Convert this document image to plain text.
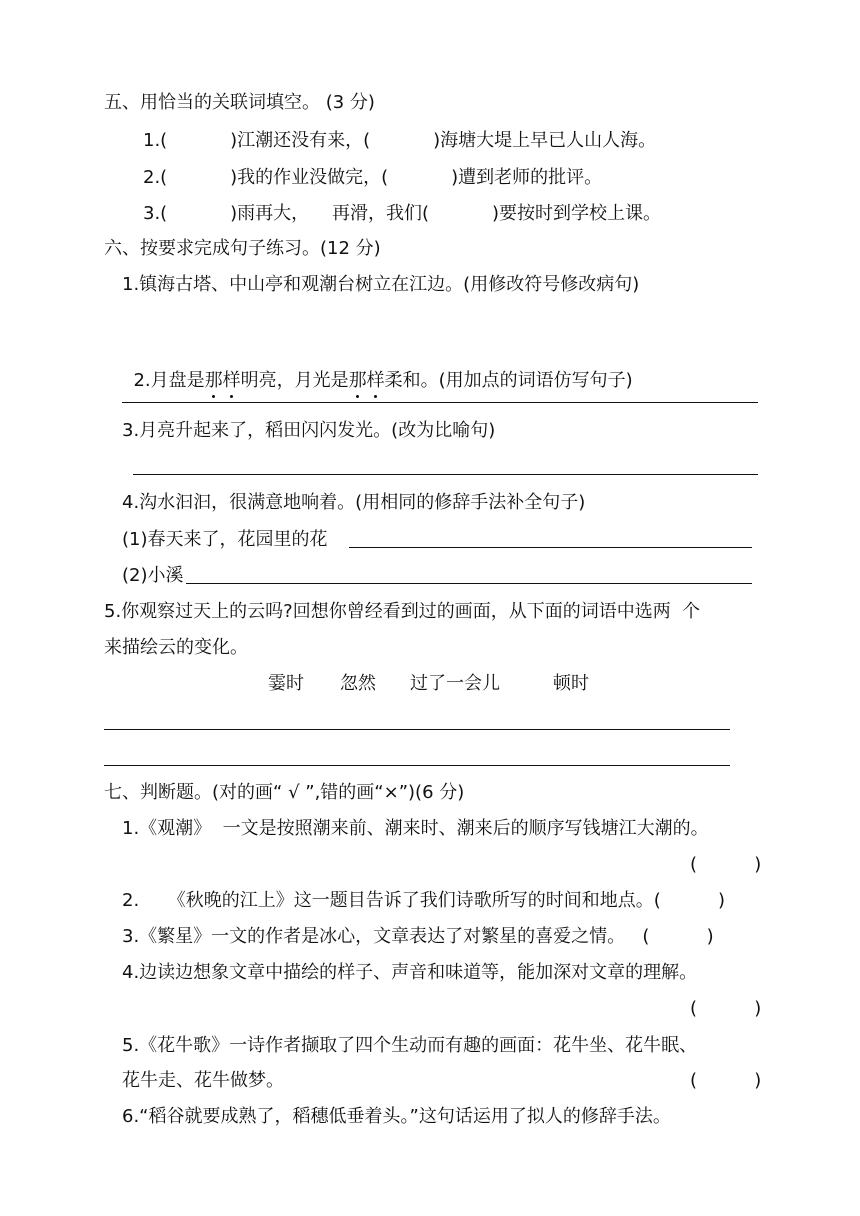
五、用恰当的关联词填空。 (3 分)
1.(           )江潮还没有来，(           )海塘大堤上早已人山人海。
2.(           )我的作业没做完，(           )遭到老师的批评。
3.(           )雨再大，    再滑，我们(           )要按时到学校上课。
六、按要求完成句子练习。(12 分)
1.镇海古塔、中山亭和观潮台树立在江边。(用修改符号修改病句)

2.月盘是那样明亮，月光是那样柔和。(用加点的词语仿写句子)

3.月亮升起来了，稻田闪闪发光。(改为比喻句)
4.沟水汩汩，很满意地响着。(用相同的修辞手法补全句子)
(1)春天来了，花园里的花
(2)小溪
5.你观察过天上的云吗?回想你曾经看到过的画面，从下面的词语中选两  个
来描绘云的变化。
霎时 忽然 过了一会儿	顿时
七、判断题。(对的画“ √ ”,错的画“×”)(6 分)
1.《观潮》  一文是按照潮来前、潮来时、潮来后的顺序写钱塘江大潮的。
(          )
2.     《秋晚的江上》这一题目告诉了我们诗歌所写的时间和地点。(          )
3.《繁星》一文的作者是冰心，文章表达了对繁星的喜爱之情。   (          )
4.边读边想象文章中描绘的样子、声音和味道等，能加深对文章的理解。
(          )
5.《花牛歌》一诗作者撷取了四个生动而有趣的画面：花牛坐、花牛眠、
花牛走、花牛做梦。	(          )
6.“稻谷就要成熟了，稻穗低垂着头。”这句话运用了拟人的修辞手法。
